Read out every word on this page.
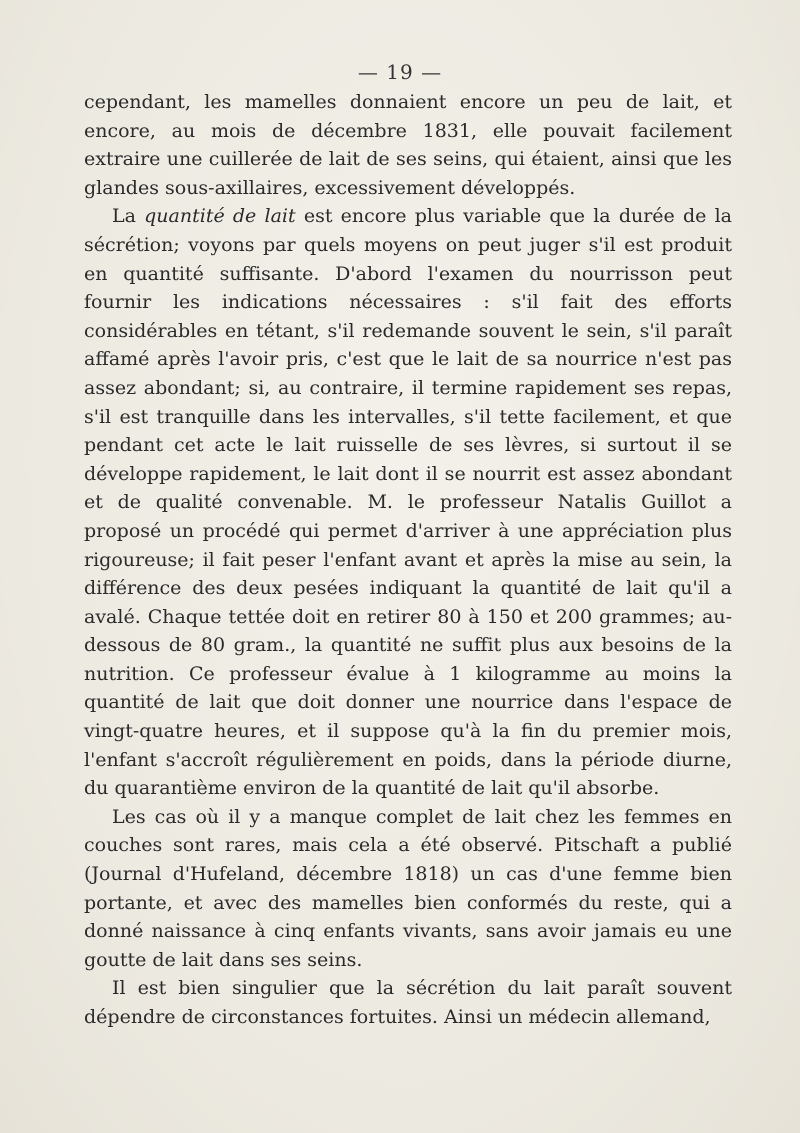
— 19 —

cependant, les mamelles donnaient encore un peu de lait, et encore, au mois de décembre 1831, elle pouvait facilement extraire une cuillerée de lait de ses seins, qui étaient, ainsi que les glandes sous-axillaires, excessivement développés.

La quantité de lait est encore plus variable que la durée de la sécrétion; voyons par quels moyens on peut juger s'il est produit en quantité suffisante. D'abord l'examen du nourrisson peut fournir les indications nécessaires : s'il fait des efforts considérables en tétant, s'il redemande souvent le sein, s'il paraît affamé après l'avoir pris, c'est que le lait de sa nourrice n'est pas assez abondant; si, au contraire, il termine rapidement ses repas, s'il est tranquille dans les intervalles, s'il tette facilement, et que pendant cet acte le lait ruisselle de ses lèvres, si surtout il se développe rapidement, le lait dont il se nourrit est assez abondant et de qualité convenable. M. le professeur Natalis Guillot a proposé un procédé qui permet d'arriver à une appréciation plus rigoureuse; il fait peser l'enfant avant et après la mise au sein, la différence des deux pesées indiquant la quantité de lait qu'il a avalé. Chaque tettée doit en retirer 80 à 150 et 200 grammes; au-dessous de 80 gram., la quantité ne suffit plus aux besoins de la nutrition. Ce professeur évalue à 1 kilogramme au moins la quantité de lait que doit donner une nourrice dans l'espace de vingt-quatre heures, et il suppose qu'à la fin du premier mois, l'enfant s'accroît régulièrement en poids, dans la période diurne, du quarantième environ de la quantité de lait qu'il absorbe.

Les cas où il y a manque complet de lait chez les femmes en couches sont rares, mais cela a été observé. Pitschaft a publié (Journal d'Hufeland, décembre 1818) un cas d'une femme bien portante, et avec des mamelles bien conformés du reste, qui a donné naissance à cinq enfants vivants, sans avoir jamais eu une goutte de lait dans ses seins.

Il est bien singulier que la sécrétion du lait paraît souvent dépendre de circonstances fortuites. Ainsi un médecin allemand,
